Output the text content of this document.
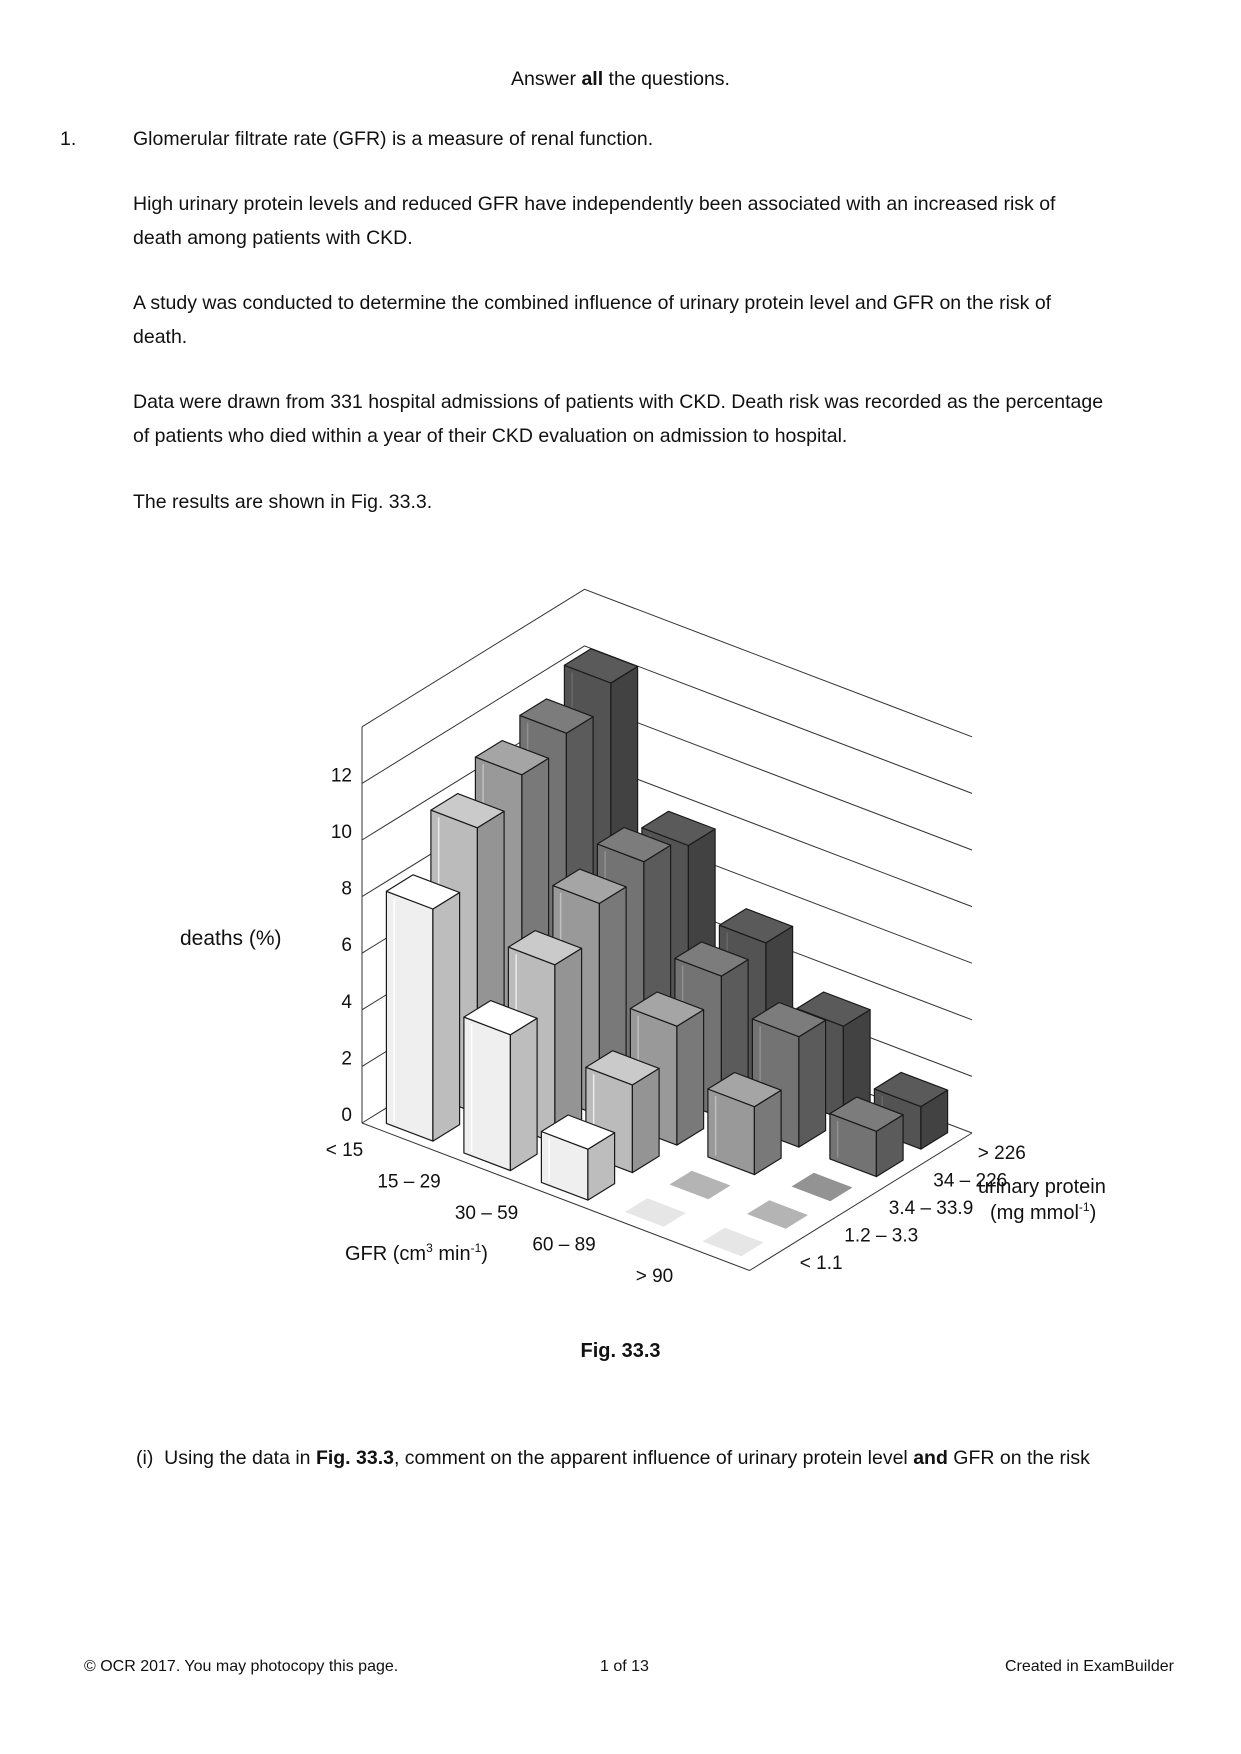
Answer all the questions.
1.	Glomerular filtrate rate (GFR) is a measure of renal function.
High urinary protein levels and reduced GFR have independently been associated with an increased risk of
death among patients with CKD.
A study was conducted to determine the combined influence of urinary protein level and GFR on the risk of
death.
Data were drawn from 331 hospital admissions of patients with CKD. Death risk was recorded as the percentage
of patients who died within a year of their CKD evaluation on admission to hospital.
The results are shown in Fig. 33.3.
deaths (%)
GFR ($cm^3$ $\min^{-1}$)
urinary protein
(mg mmol$^{-1}$)
0
2
4
6
8
10
12
< 15
15 – 29
30 – 59
60 – 89
> 90
< 1.1
1.2 – 3.3
3.4 – 33.9
34 – 226
> 226
Fig. 33.3
(i) Using the data in Fig. 33.3, comment on the apparent influence of urinary protein level and GFR on the risk
© OCR 2017. You may photocopy this page.	1 of 13	Created in ExamBuilder
